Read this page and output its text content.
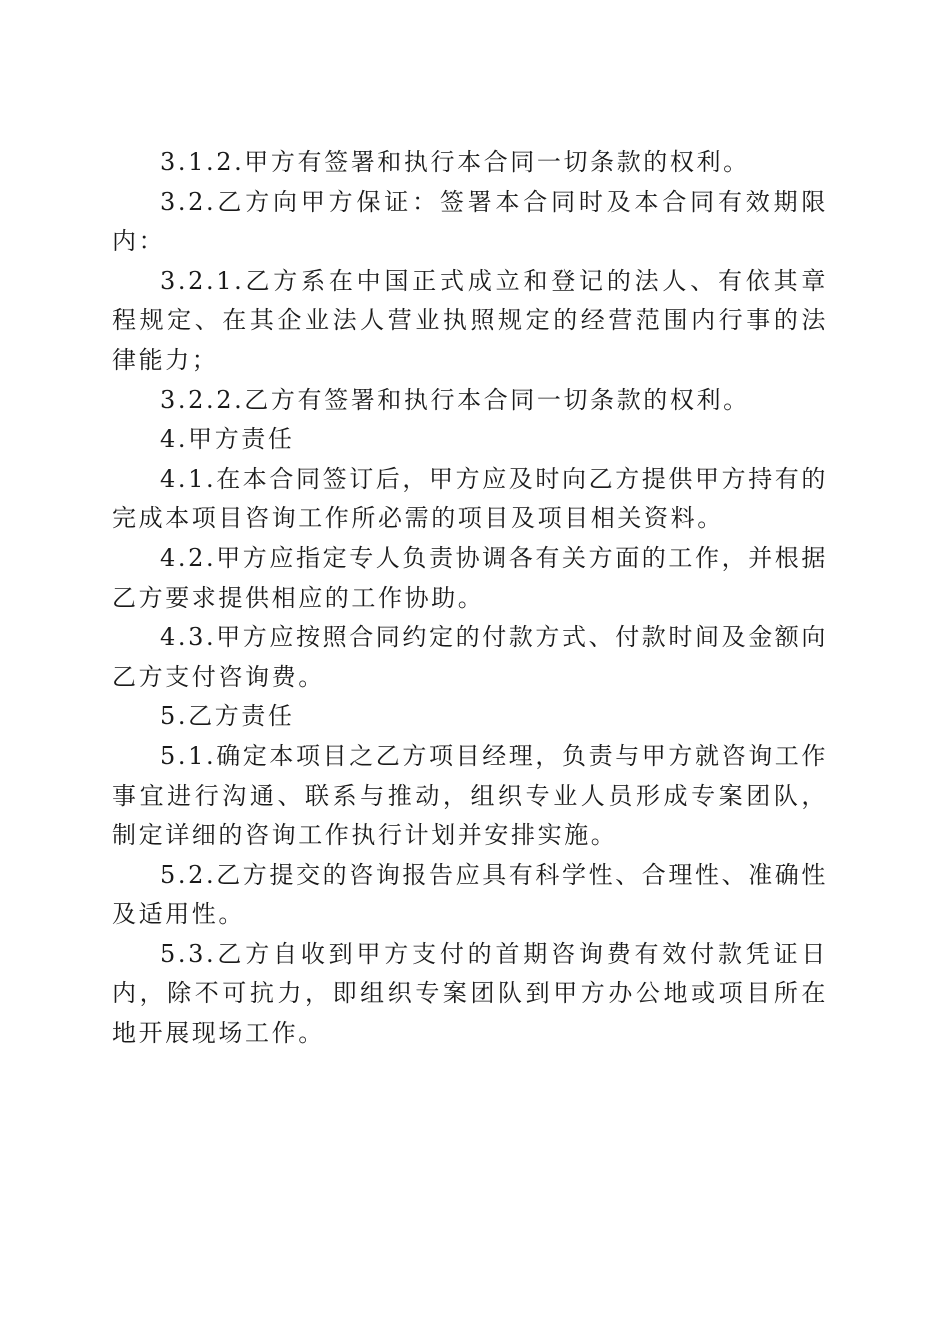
3.1.2.甲方有签署和执行本合同一切条款的权利。

3.2.乙方向甲方保证：签署本合同时及本合同有效期限内：

3.2.1.乙方系在中国正式成立和登记的法人、有依其章程规定、在其企业法人营业执照规定的经营范围内行事的法律能力；

3.2.2.乙方有签署和执行本合同一切条款的权利。

4.甲方责任

4.1.在本合同签订后，甲方应及时向乙方提供甲方持有的完成本项目咨询工作所必需的项目及项目相关资料。

4.2.甲方应指定专人负责协调各有关方面的工作，并根据乙方要求提供相应的工作协助。

4.3.甲方应按照合同约定的付款方式、付款时间及金额向乙方支付咨询费。

5.乙方责任

5.1.确定本项目之乙方项目经理，负责与甲方就咨询工作事宜进行沟通、联系与推动，组织专业人员形成专案团队，制定详细的咨询工作执行计划并安排实施。

5.2.乙方提交的咨询报告应具有科学性、合理性、准确性及适用性。

5.3.乙方自收到甲方支付的首期咨询费有效付款凭证日内，除不可抗力，即组织专案团队到甲方办公地或项目所在地开展现场工作。
